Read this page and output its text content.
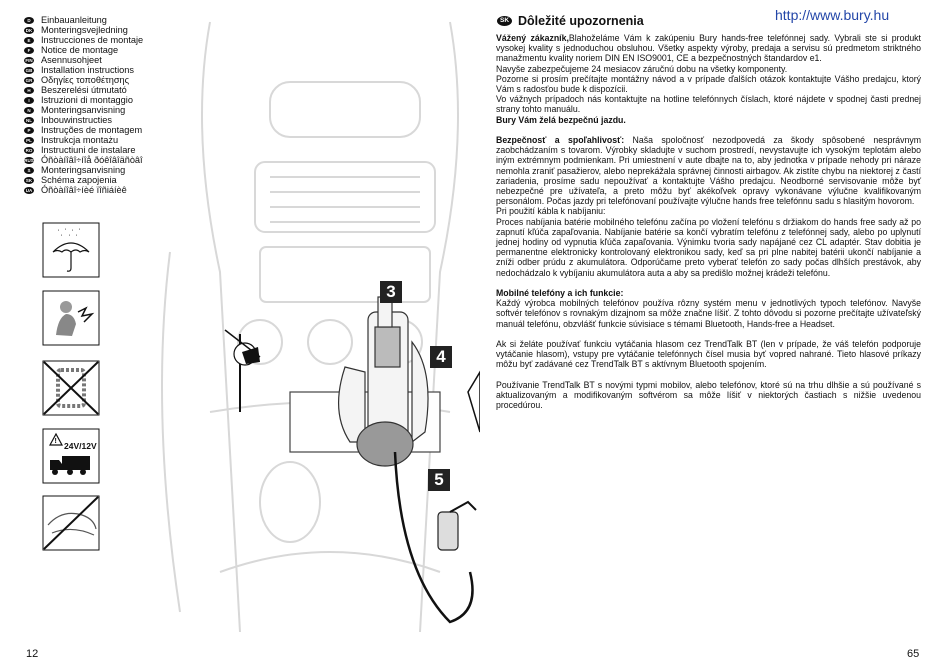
D	Einbauanleitung
DK Monteringsvejledning
E	Instrucciones de montaje
F	Notice de montage
FIN Asennusohjeet
GB Installation instructions
GR Οδηγίες τοποθέτησης
H	Beszerelési útmutató
I	Istruzioni di montaggio
N	Monteringsanvisning
NL Inbouwinstructies
P	Instruções de montagem
PL Instrukcja montażu
RO Instructiuni de instalare
RUS Óñòàíîâî÷íîå ðóêîâîäñòâî
S	Monteringsanvisning
SK Schéma zapojenia
UA Óñòàíîâî÷íèé ïîñiáíèê
' ' ' '
' ' '
! 24V/12V
3
4
5
http://www.bury.hu
SK Dôležité upozornenia

Vážený zákazník,Blahoželáme Vám k zakúpeniu Bury hands-free telefónnej sady. Vybrali ste si produkt vysokej kvality s jednoduchou obsluhou. Všetky aspekty výroby, predaja a servisu sú predmetom striktného manažmentu kvality noriem DIN EN ISO9001, CE a bezpečnostných štandardov e1.

Navyše zabezpečujeme 24 mesiacov záručnú dobu na všetky komponenty.

Pozorne si prosím prečítajte montážny návod a v prípade ďalších otázok kontaktujte Vášho predajcu, ktorý Vám s radosťou bude k dispozícii.

Vo vážnych prípadoch nás kontaktujte na hotline telefónnych číslach, ktoré nájdete v spodnej časti prednej strany tohto manuálu.

Bury Vám želá bezpečnú jazdu.

Bezpečnosť a spoľahlivosť: Naša spoločnosť nezodpovedá za škody spôsobené nesprávnym zaobchádzaním s tovarom. Výrobky skladujte v suchom prostredí, nevystavujte ich vysokým teplotám alebo iným extrémnym podmienkam. Pri umiestnení v aute dbajte na to, aby jednotka v prípade nehody pri náraze nemohla zraniť pasažierov, alebo neprekážala správnej činnosti airbagov. Ak zistíte chybu na niektorej z častí zariadenia, prosíme sadu nepoužívať a kontaktujte Vášho predajcu. Neodborné servisovanie môže byť nebezpečné pre užívateľa, a preto môžu byť akékoľvek opravy vykonávane výlučne kvalifikovaným personálom. Počas jazdy pri telefónovaní používajte výlučne hands free telefónnu sadu s hlasitým hovorom.

Pri použití kábla k nabíjaniu:

Proces nabíjania batérie mobilného telefónu začína po vložení telefónu s držiakom do hands free sady až po zapnutí kľúča zapaľovania. Nabíjanie batérie sa končí vybratím telefónu z telefónnej sady, alebo po uplynutí jednej hodiny od vypnutia kľúča zapaľovania. Výnimku tvoria sady napájané cez CL adaptér. Stav dobitia je permanentne elektronicky kontrolovaný elektronikou sady, keď sa pri plne nabitej batérii ukončí nabíjanie a zníži odber prúdu z akumulátora. Odporúčame preto vyberať telefón zo sady počas dlhších prestávok, aby nedochádzalo k vybíjaniu akumulátora auta a aby sa predišlo možnej krádeži telefónu.

Mobilné telefóny a ich funkcie:

Každý výrobca mobilných telefónov používa rôzny systém menu v jednotlivých typoch telefónov. Navyše softvér telefónov s rovnakým dizajnom sa môže značne líšiť. Z tohto dôvodu si pozorne prečítajte užívateľský manuál telefónu, obzvlášť funkcie súvisiace s témami Bluetooth, Hands-free a Headset.

Ak si želáte používať funkciu vytáčania hlasom cez TrendTalk BT (len v prípade, že váš telefón podporuje vytáčanie hlasom), vstupy pre vytáčanie telefónnych čísel musia byť vopred nahrané. Tieto hlasové príkazy môžu byť zadávané cez TrendTalk BT s aktívnym Bluetooth spojením.

Používanie TrendTalk BT s novými typmi mobilov, alebo telefónov, ktoré sú na trhu dlhšie a sú používané s aktualizovaným a modifikovaným softvérom sa môže líšiť v niektorých častiach s nižšie uvedenou procedúrou.

12	65
